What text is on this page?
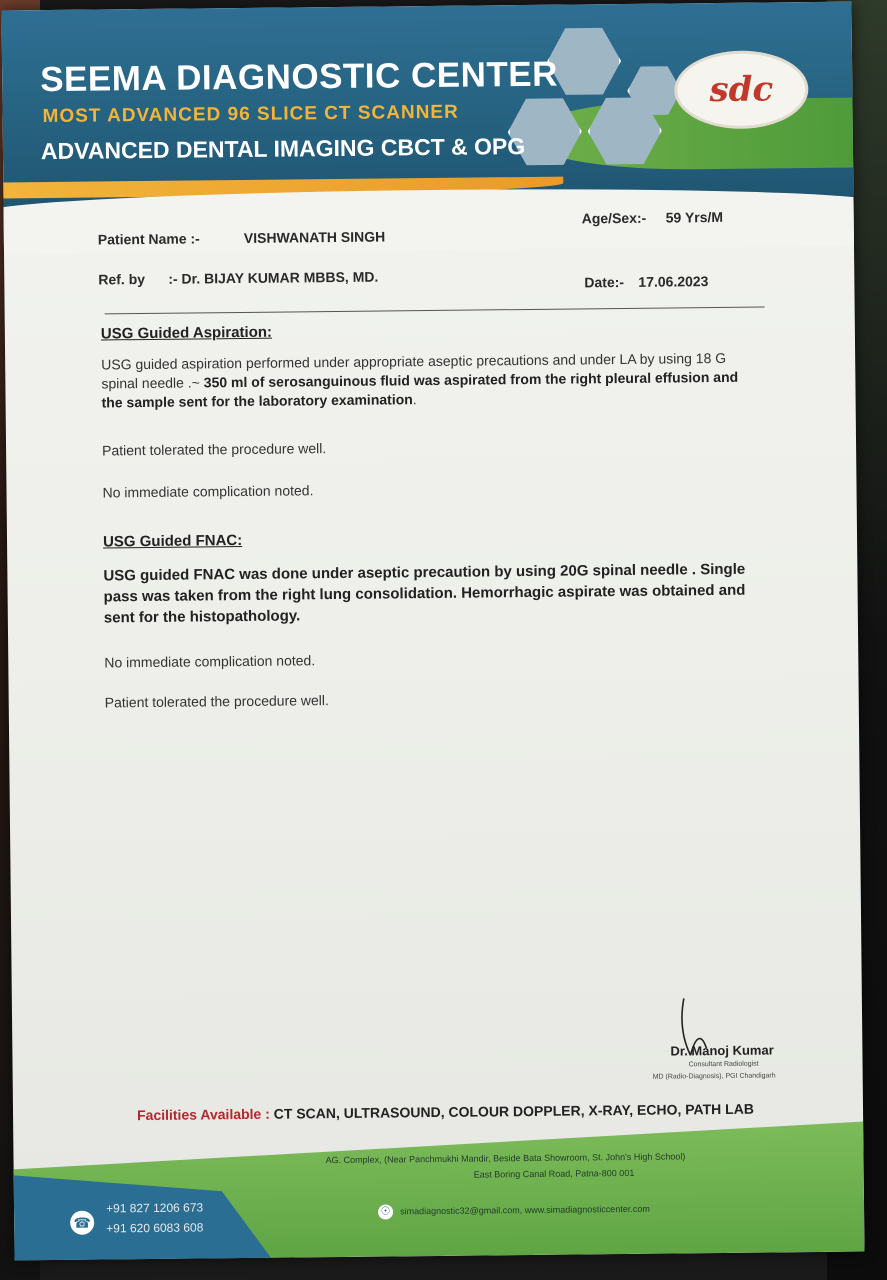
SEEMA DIAGNOSTIC CENTER
MOST ADVANCED 96 SLICE CT SCANNER
ADVANCED DENTAL IMAGING CBCT & OPG
sdc
Patient Name :-	VISHWANATH SINGH
Age/Sex:- 59 Yrs/M
Ref. by :- Dr. BIJAY KUMAR MBBS, MD.	Date:- 17.06.2023
USG Guided Aspiration:
USG guided aspiration performed under appropriate aseptic precautions and under LA by using 18 G spinal needle .~ 350 ml of serosanguinous fluid was aspirated from the right pleural effusion and the sample sent for the laboratory examination.
Patient tolerated the procedure well.
No immediate complication noted.
USG Guided FNAC:
USG guided FNAC was done under aseptic precaution by using 20G spinal needle . Single pass was taken from the right lung consolidation. Hemorrhagic aspirate was obtained and sent for the histopathology.
No immediate complication noted.
Patient tolerated the procedure well.
Dr. Manoj Kumar
Consultant Radiologist
MD (Radio-Diagnosis), PGI Chandigarh
Facilities Available : CT SCAN, ULTRASOUND, COLOUR DOPPLER, X-RAY, ECHO, PATH LAB
AG. Complex, (Near Panchmukhi Mandir, Beside Bata Showroom, St. John's High School)
East Boring Canal Road, Patna-800 001
☉ simadiagnostic32@gmail.com, www.simadiagnosticcenter.com
☎
+91 827 1206 673
+91 620 6083 608
